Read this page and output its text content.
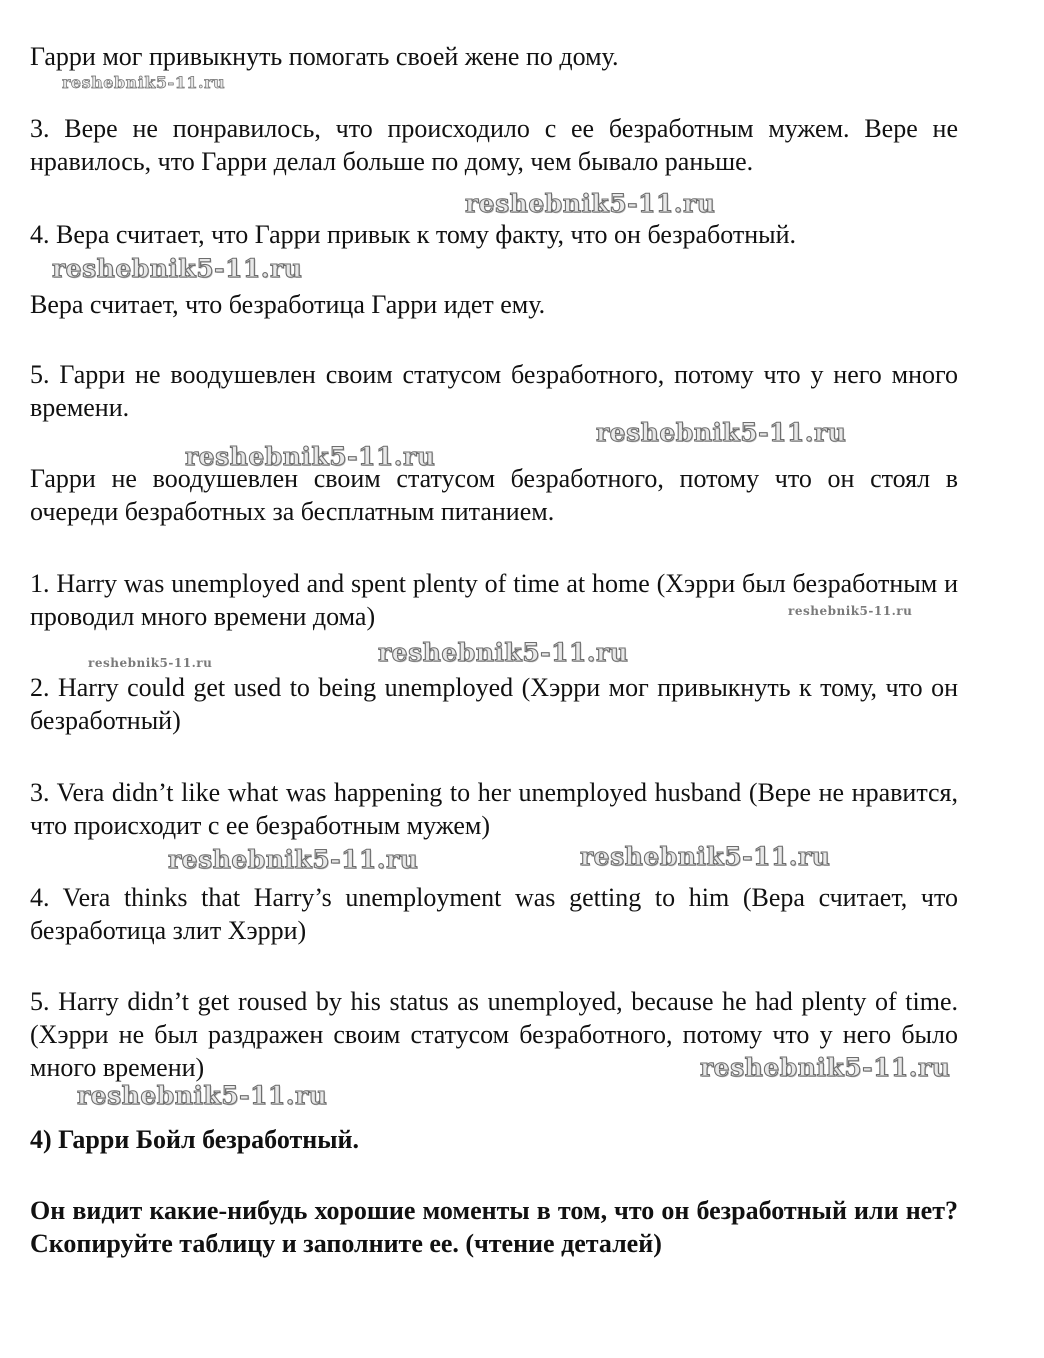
Гарри мог привыкнуть помогать своей жене по дому.

3. Вере не понравилось, что происходило с ее безработным мужем. Вере не нравилось, что Гарри делал больше по дому, чем бывало раньше.

4. Вера считает, что Гарри привык к тому факту, что он безработный.

Вера считает, что безработица Гарри идет ему.

5. Гарри не воодушевлен своим статусом безработного, потому что у него много времени.

Гарри не воодушевлен своим статусом безработного, потому что он стоял в очереди безработных за бесплатным питанием.

1. Harry was unemployed and spent plenty of time at home (Хэрри был безработным и проводил много времени дома)

2. Harry could get used to being unemployed (Хэрри мог привыкнуть к тому, что он безработный)

3. Vera didn’t like what was happening to her unemployed husband (Вере не нравится, что происходит с ее безработным мужем)

4. Vera thinks that Harry’s unemployment was getting to him (Вера считает, что безработица злит Хэрри)

5. Harry didn’t get roused by his status as unemployed, because he had plenty of time. (Хэрри не был раздражен своим статусом безработного, потому что у него было много времени)

4) Гарри Бойл безработный.

Он видит какие-нибудь хорошие моменты в том, что он безработный или нет? Скопируйте таблицу и заполните ее. (чтение деталей)

reshebnik5-11.ru

reshebnik5-11.ru

reshebnik5-11.ru

reshebnik5-11.ru

reshebnik5-11.ru

reshebnik5-11.ru

reshebnik5-11.ru

reshebnik5-11.ru

reshebnik5-11.ru	reshebnik5-11.ru

reshebnik5-11.ru

reshebnik5-11.ru
